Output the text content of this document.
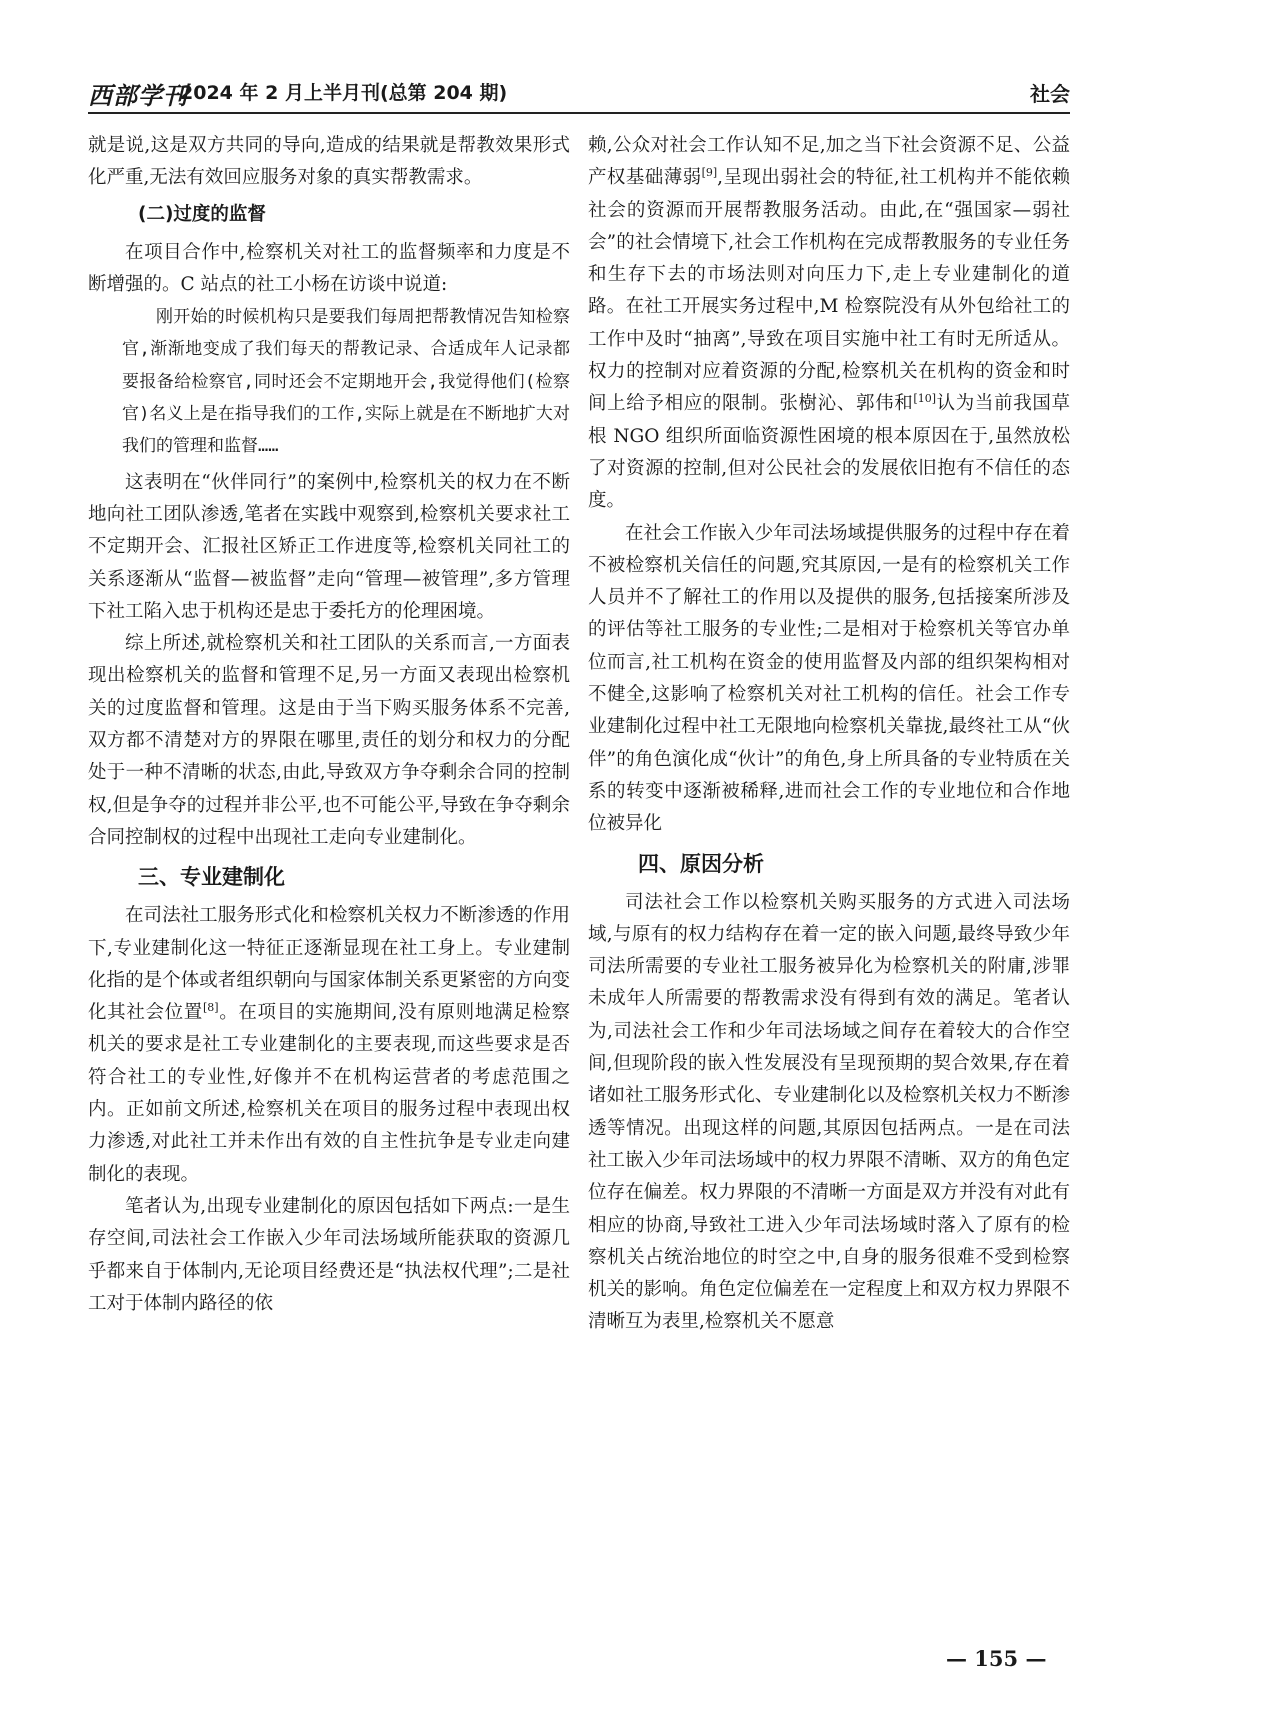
西部学刊
2024 年 2 月上半月刊(总第 204 期)	社会

就是说,这是双方共同的导向,造成的结果就是帮教效果形式化严重,无法有效回应服务对象的真实帮教需求。

(二)过度的监督

在项目合作中,检察机关对社工的监督频率和力度是不断增强的。C 站点的社工小杨在访谈中说道:

刚开始的时候机构只是要我们每周把帮教情况告知检察官,渐渐地变成了我们每天的帮教记录、合适成年人记录都要报备给检察官,同时还会不定期地开会,我觉得他们(检察官)名义上是在指导我们的工作,实际上就是在不断地扩大对我们的管理和监督……

这表明在“伙伴同行”的案例中,检察机关的权力在不断地向社工团队渗透,笔者在实践中观察到,检察机关要求社工不定期开会、汇报社区矫正工作进度等,检察机关同社工的关系逐渐从“监督—被监督”走向“管理—被管理”,多方管理下社工陷入忠于机构还是忠于委托方的伦理困境。

综上所述,就检察机关和社工团队的关系而言,一方面表现出检察机关的监督和管理不足,另一方面又表现出检察机关的过度监督和管理。这是由于当下购买服务体系不完善,双方都不清楚对方的界限在哪里,责任的划分和权力的分配处于一种不清晰的状态,由此,导致双方争夺剩余合同的控制权,但是争夺的过程并非公平,也不可能公平,导致在争夺剩余合同控制权的过程中出现社工走向专业建制化。

三、专业建制化

在司法社工服务形式化和检察机关权力不断渗透的作用下,专业建制化这一特征正逐渐显现在社工身上。专业建制化指的是个体或者组织朝向与国家体制关系更紧密的方向变化其社会位置[8]。在项目的实施期间,没有原则地满足检察机关的要求是社工专业建制化的主要表现,而这些要求是否符合社工的专业性,好像并不在机构运营者的考虑范围之内。正如前文所述,检察机关在项目的服务过程中表现出权力渗透,对此社工并未作出有效的自主性抗争是专业走向建制化的表现。

笔者认为,出现专业建制化的原因包括如下两点:一是生存空间,司法社会工作嵌入少年司法场域所能获取的资源几乎都来自于体制内,无论项目经费还是“执法权代理”;二是社工对于体制内路径的依

赖,公众对社会工作认知不足,加之当下社会资源不足、公益产权基础薄弱[9],呈现出弱社会的特征,社工机构并不能依赖社会的资源而开展帮教服务活动。由此,在“强国家—弱社会”的社会情境下,社会工作机构在完成帮教服务的专业任务和生存下去的市场法则对向压力下,走上专业建制化的道路。在社工开展实务过程中,M 检察院没有从外包给社工的工作中及时“抽离”,导致在项目实施中社工有时无所适从。权力的控制对应着资源的分配,检察机关在机构的资金和时间上给予相应的限制。张樹沁、郭伟和[10]认为当前我国草根 NGO 组织所面临资源性困境的根本原因在于,虽然放松了对资源的控制,但对公民社会的发展依旧抱有不信任的态度。

在社会工作嵌入少年司法场域提供服务的过程中存在着不被检察机关信任的问题,究其原因,一是有的检察机关工作人员并不了解社工的作用以及提供的服务,包括接案所涉及的评估等社工服务的专业性;二是相对于检察机关等官办单位而言,社工机构在资金的使用监督及内部的组织架构相对不健全,这影响了检察机关对社工机构的信任。社会工作专业建制化过程中社工无限地向检察机关靠拢,最终社工从“伙伴”的角色演化成“伙计”的角色,身上所具备的专业特质在关系的转变中逐渐被稀释,进而社会工作的专业地位和合作地位被异化

四、原因分析

司法社会工作以检察机关购买服务的方式进入司法场域,与原有的权力结构存在着一定的嵌入问题,最终导致少年司法所需要的专业社工服务被异化为检察机关的附庸,涉罪未成年人所需要的帮教需求没有得到有效的满足。笔者认为,司法社会工作和少年司法场域之间存在着较大的合作空间,但现阶段的嵌入性发展没有呈现预期的契合效果,存在着诸如社工服务形式化、专业建制化以及检察机关权力不断渗透等情况。出现这样的问题,其原因包括两点。一是在司法社工嵌入少年司法场域中的权力界限不清晰、双方的角色定位存在偏差。权力界限的不清晰一方面是双方并没有对此有相应的协商,导致社工进入少年司法场域时落入了原有的检察机关占统治地位的时空之中,自身的服务很难不受到检察机关的影响。角色定位偏差在一定程度上和双方权力界限不清晰互为表里,检察机关不愿意

— 155 —
